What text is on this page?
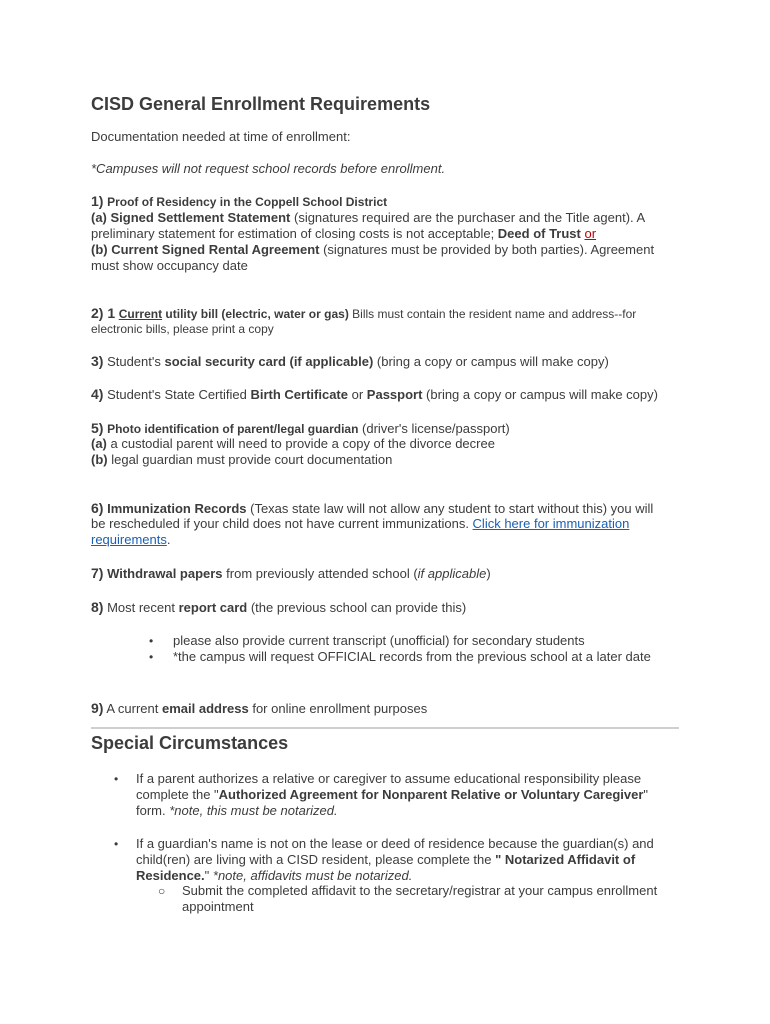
CISD General Enrollment Requirements

Documentation needed at time of enrollment:

*Campuses will not request school records before enrollment.

1) Proof of Residency in the Coppell School District
(a) Signed Settlement Statement (signatures required are the purchaser and the Title agent). A
preliminary statement for estimation of closing costs is not acceptable; Deed of Trust or
(b) Current Signed Rental Agreement (signatures must be provided by both parties). Agreement
must show occupancy date
2) 1 Current utility bill (electric, water or gas) Bills must contain the resident name and address--for
electronic bills, please print a copy
3) Student's social security card (if applicable) (bring a copy or campus will make copy)
4) Student's State Certified Birth Certificate or Passport (bring a copy or campus will make copy)
5) Photo identification of parent/legal guardian (driver's license/passport)
(a) a custodial parent will need to provide a copy of the divorce decree
(b) legal guardian must provide court documentation
6) Immunization Records (Texas state law will not allow any student to start without this) you will
be rescheduled if your child does not have current immunizations. Click here for immunization
requirements.
7) Withdrawal papers from previously attended school (if applicable)
8) Most recent report card (the previous school can provide this)
• please also provide current transcript (unofficial) for secondary students
• *the campus will request OFFICIAL records from the previous school at a later date
9) A current email address for online enrollment purposes
Special Circumstances
• If a parent authorizes a relative or caregiver to assume educational responsibility please
complete the "Authorized Agreement for Nonparent Relative or Voluntary Caregiver"
form. *note, this must be notarized.
• If a guardian's name is not on the lease or deed of residence because the guardian(s) and
child(ren) are living with a CISD resident, please complete the " Notarized Affidavit of
Residence." *note, affidavits must be notarized.
○ Submit the completed affidavit to the secretary/registrar at your campus enrollment
appointment
